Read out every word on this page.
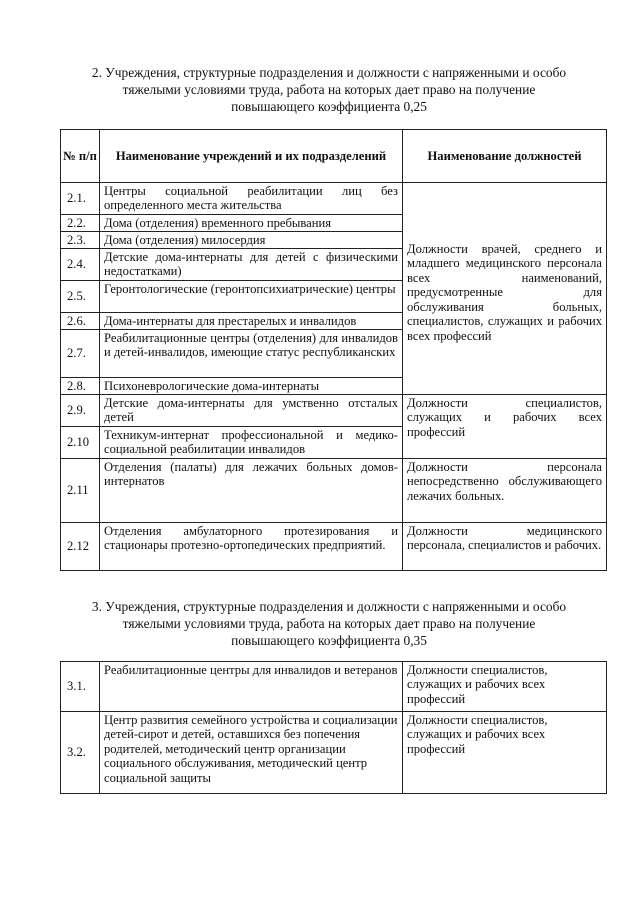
2. Учреждения, структурные подразделения и должности с напряженными и особо
тяжелыми условиями труда, работа на которых дает право на получение
повышающего коэффициента 0,25
№ п/п	Наименование учреждений и их подразделений	Наименование должностей
2.1.	Центры социальной реабилитации лиц без определенного места жительства	Должности врачей, среднего и младшего медицинского персонала всех наименований, предусмотренные для обслуживания больных, специалистов, служащих и рабочих всех профессий
2.2.	Дома (отделения) временного пребывания	
2.3.	Дома (отделения) милосердия	
2.4.	Детские дома-интернаты для детей с физическими недостатками)	
2.5.	Геронтологические (геронтопсихиатрические) центры	
2.6.	Дома-интернаты для престарелых и инвалидов	
2.7.	Реабилитационные центры (отделения) для инвалидов и детей-инвалидов, имеющие статус республиканских	
2.8.	Психоневрологические дома-интернаты	
2.9.	Детские дома-интернаты для умственно отсталых детей	Должности специалистов, служащих и рабочих всех профессий
2.10	Техникум-интернат профессиональной и медико-социальной реабилитации инвалидов	
2.11	Отделения (палаты) для лежачих больных домов-интернатов	Должности персонала непосредственно обслуживающего лежачих больных.
2.12	Отделения амбулаторного протезирования и стационары протезно-ортопедических предприятий.	Должности медицинского персонала, специалистов и рабочих.
3. Учреждения, структурные подразделения и должности с напряженными и особо
тяжелыми условиями труда, работа на которых дает право на получение
повышающего коэффициента 0,35
3.1.	Реабилитационные центры для инвалидов и ветеранов	Должности специалистов, служащих и рабочих всех профессий
3.2.	Центр развития семейного устройства и социализации детей-сирот и детей, оставшихся без попечения родителей, методический центр организации социального обслуживания, методический центр социальной защиты	Должности специалистов, служащих и рабочих всех профессий
